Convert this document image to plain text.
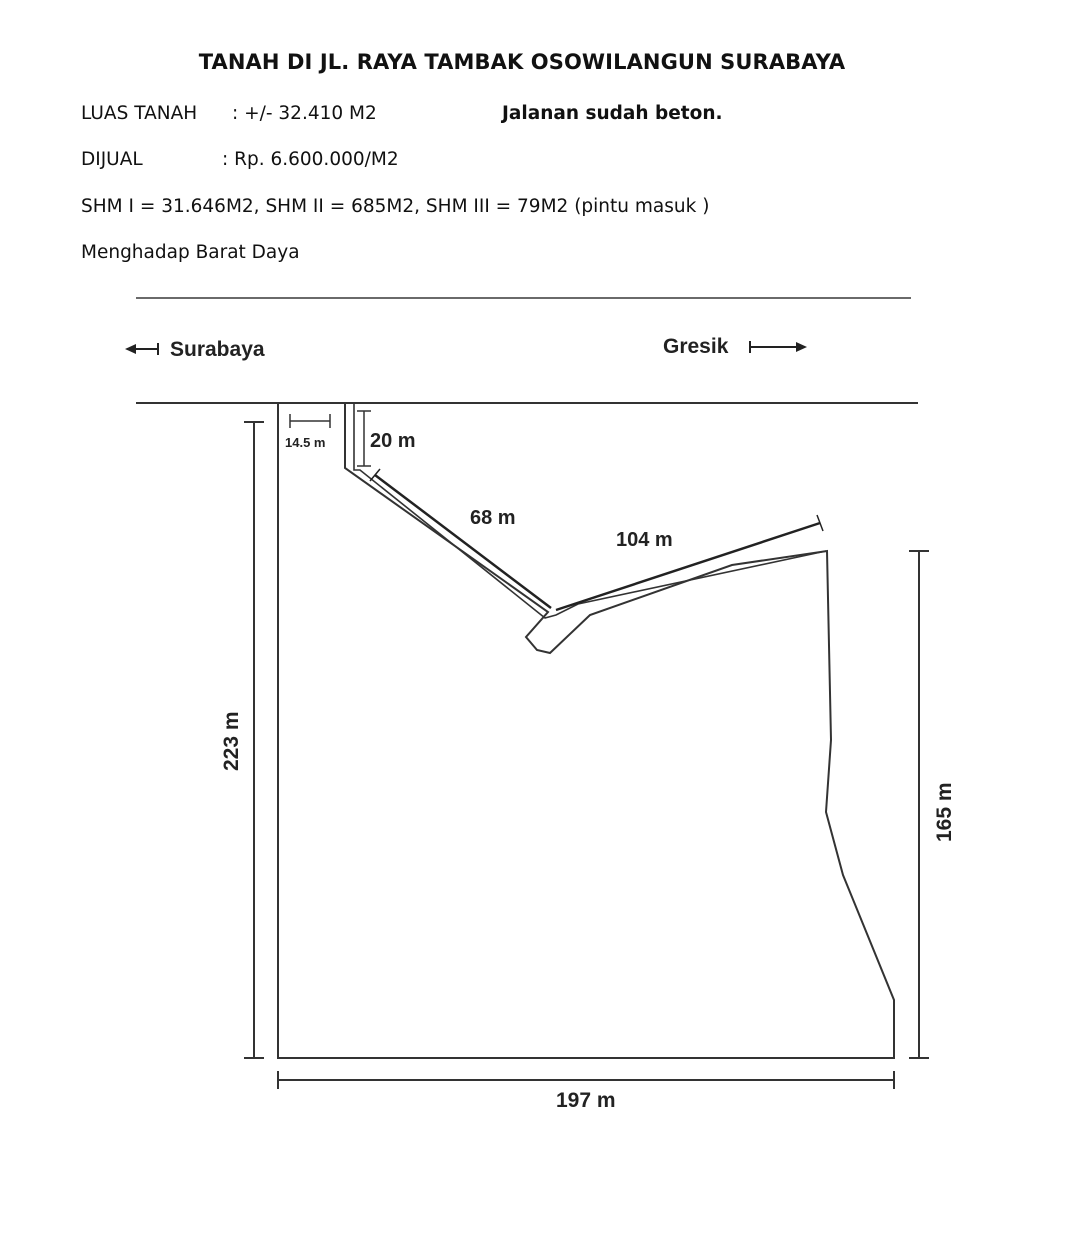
TANAH DI JL. RAYA TAMBAK OSOWILANGUN SURABAYA
LUAS TANAH : +/- 32.410 M2	Jalanan sudah beton.
DIJUAL	: Rp. 6.600.000/M2
SHM I = 31.646M2, SHM II = 685M2, SHM III = 79M2 (pintu masuk )
Menghadap Barat Daya
Surabaya	Gresik
14.5 m 20 m
68 m
104 m
223 m
165 m
197 m
